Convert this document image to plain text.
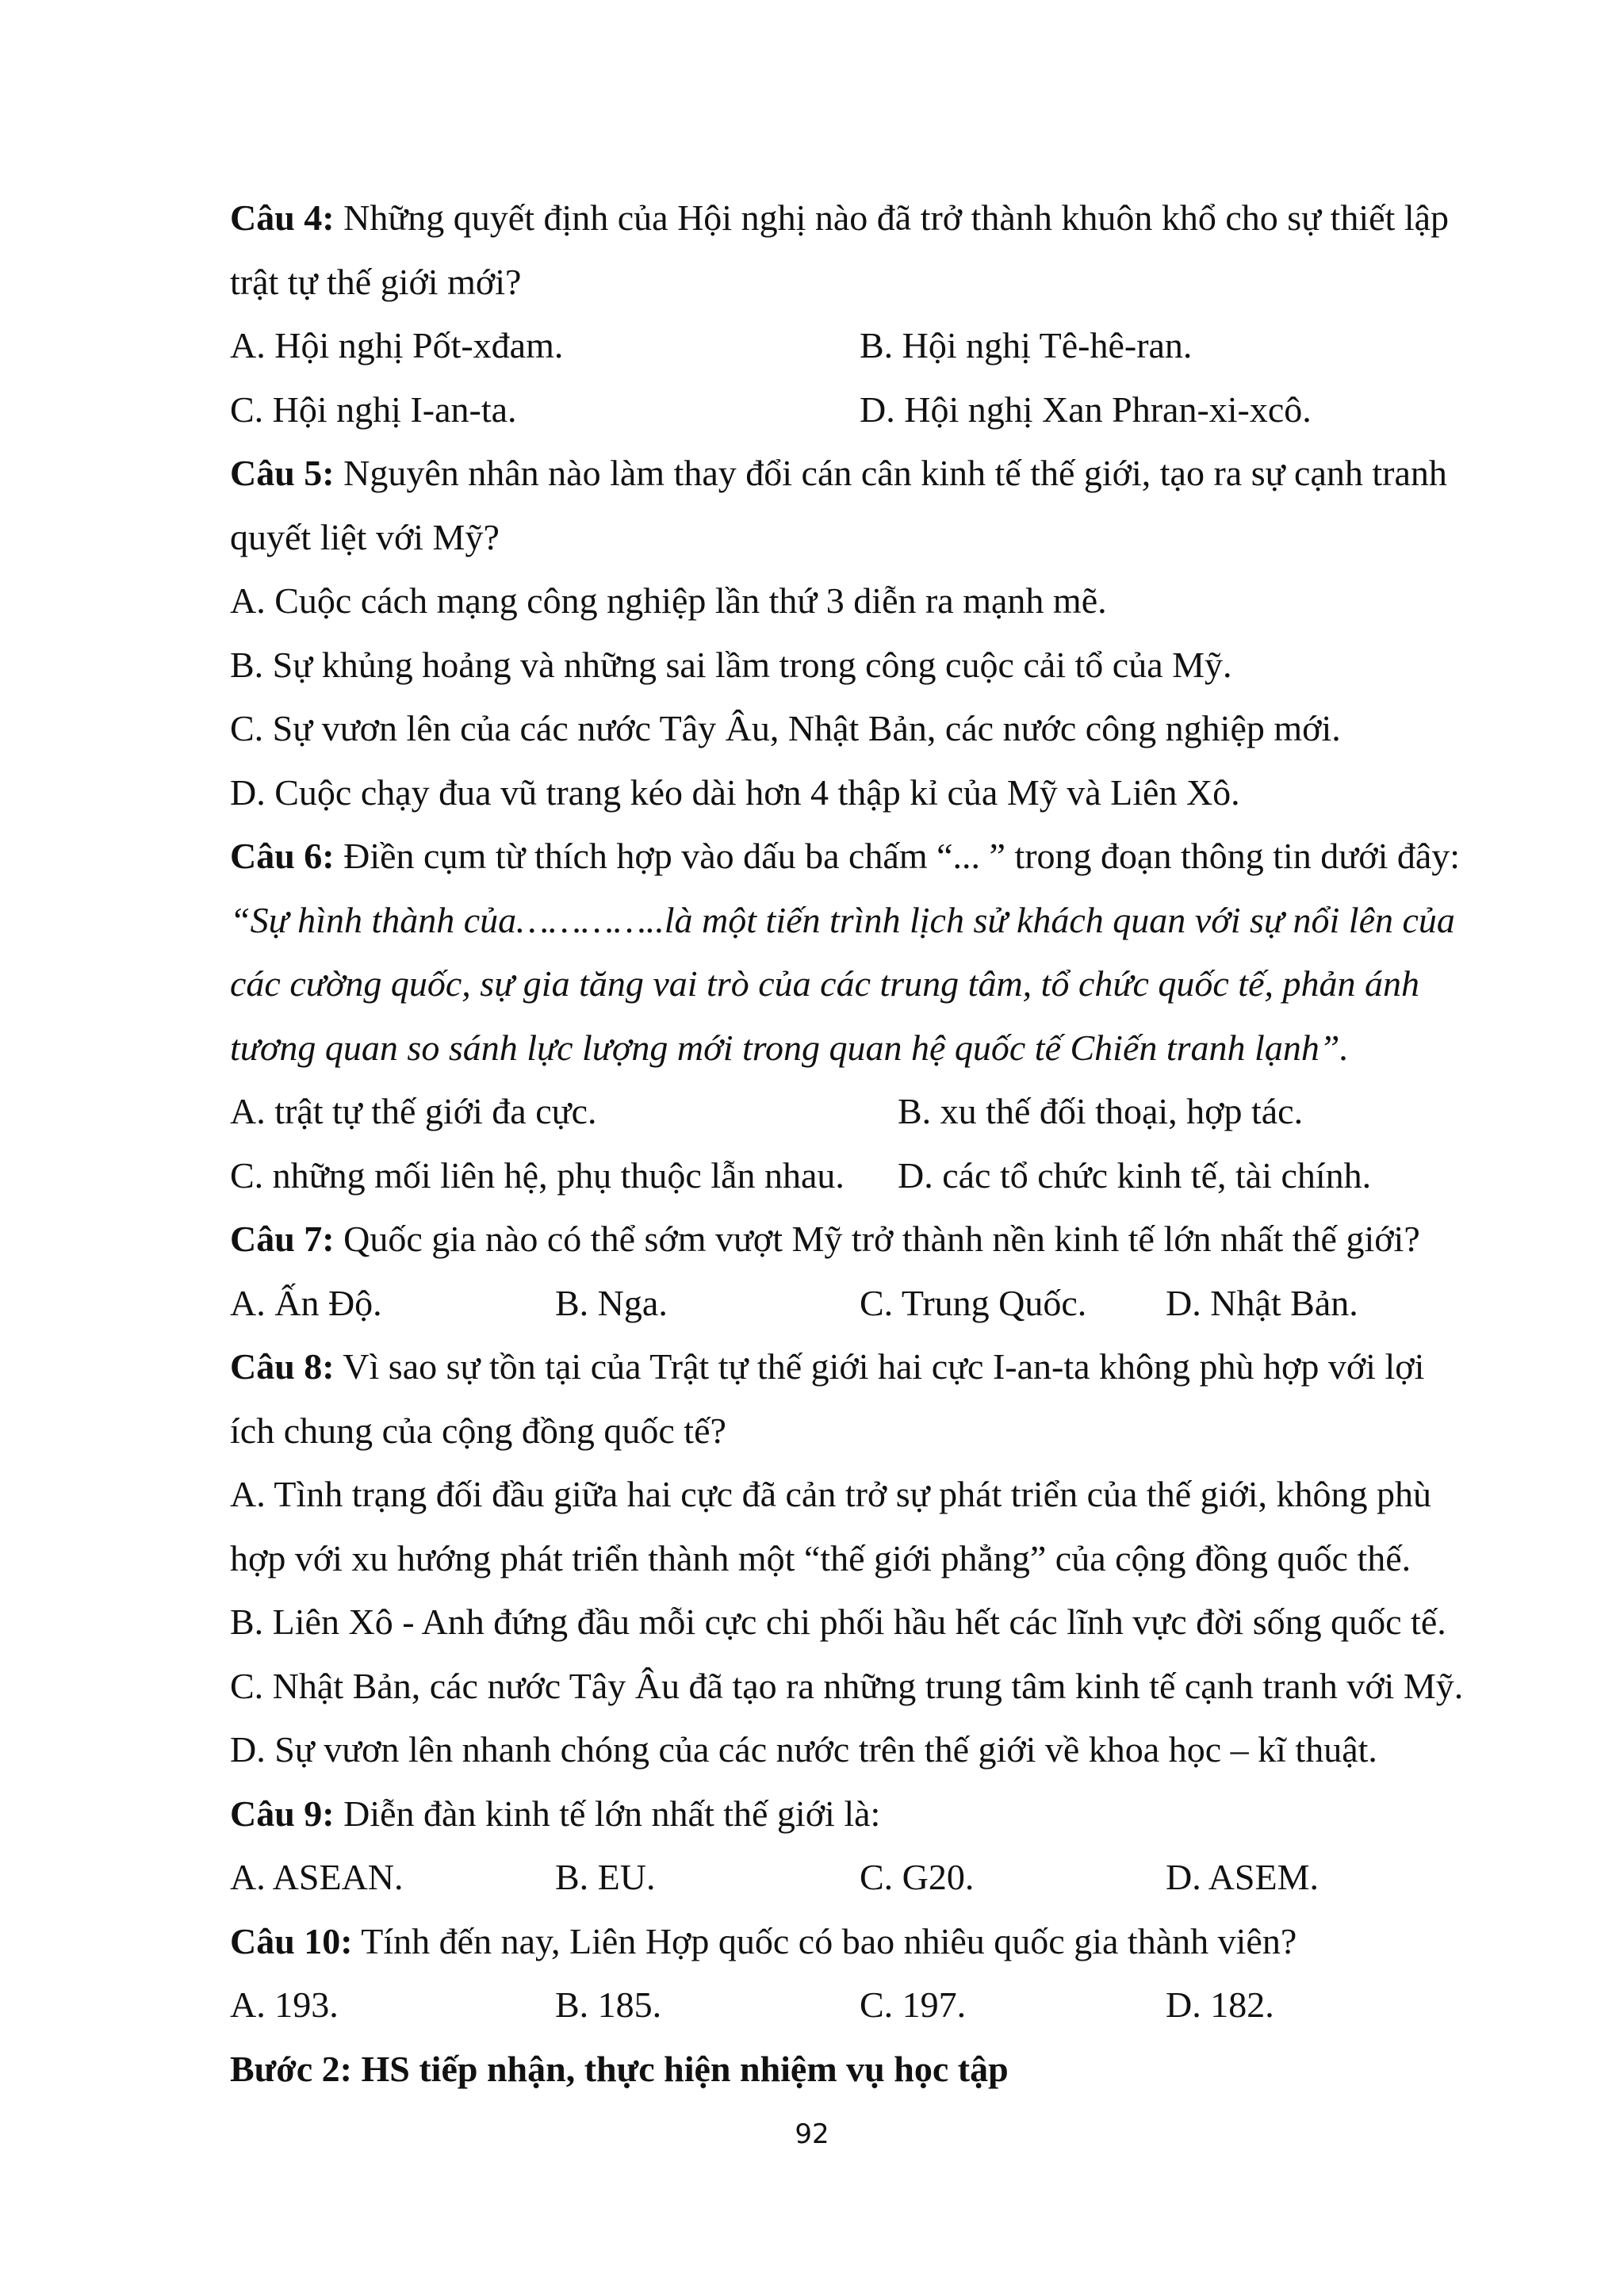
Câu 4: Những quyết định của Hội nghị nào đã trở thành khuôn khổ cho sự thiết lập
trật tự thế giới mới?
A. Hội nghị Pốt-xđam.	B. Hội nghị Tê-hê-ran.
C. Hội nghị I-an-ta.	D. Hội nghị Xan Phran-xi-xcô.
Câu 5: Nguyên nhân nào làm thay đổi cán cân kinh tế thế giới, tạo ra sự cạnh tranh
quyết liệt với Mỹ?
A. Cuộc cách mạng công nghiệp lần thứ 3 diễn ra mạnh mẽ.
B. Sự khủng hoảng và những sai lầm trong công cuộc cải tổ của Mỹ.
C. Sự vươn lên của các nước Tây Âu, Nhật Bản, các nước công nghiệp mới.
D. Cuộc chạy đua vũ trang kéo dài hơn 4 thập kỉ của Mỹ và Liên Xô.
Câu 6: Điền cụm từ thích hợp vào dấu ba chấm “... ” trong đoạn thông tin dưới đây:
“Sự hình thành của…………..là một tiến trình lịch sử khách quan với sự nổi lên của
các cường quốc, sự gia tăng vai trò của các trung tâm, tổ chức quốc tế, phản ánh
tương quan so sánh lực lượng mới trong quan hệ quốc tế Chiến tranh lạnh”.
A. trật tự thế giới đa cực.	B. xu thế đối thoại, hợp tác.
C. những mối liên hệ, phụ thuộc lẫn nhau. D. các tổ chức kinh tế, tài chính.
Câu 7: Quốc gia nào có thể sớm vượt Mỹ trở thành nền kinh tế lớn nhất thế giới?
A. Ấn Độ.	B. Nga.	C. Trung Quốc. D. Nhật Bản.
Câu 8: Vì sao sự tồn tại của Trật tự thế giới hai cực I-an-ta không phù hợp với lợi
ích chung của cộng đồng quốc tế?
A. Tình trạng đối đầu giữa hai cực đã cản trở sự phát triển của thế giới, không phù
hợp với xu hướng phát triển thành một “thế giới phẳng” của cộng đồng quốc thế.
B. Liên Xô - Anh đứng đầu mỗi cực chi phối hầu hết các lĩnh vực đời sống quốc tế.
C. Nhật Bản, các nước Tây Âu đã tạo ra những trung tâm kinh tế cạnh tranh với Mỹ.
D. Sự vươn lên nhanh chóng của các nước trên thế giới về khoa học – kĩ thuật.
Câu 9: Diễn đàn kinh tế lớn nhất thế giới là:
A. ASEAN.	B. EU.	C. G20.	D. ASEM.
Câu 10: Tính đến nay, Liên Hợp quốc có bao nhiêu quốc gia thành viên?
A. 193.	B. 185.	C. 197.	D. 182.
Bước 2: HS tiếp nhận, thực hiện nhiệm vụ học tập
92
